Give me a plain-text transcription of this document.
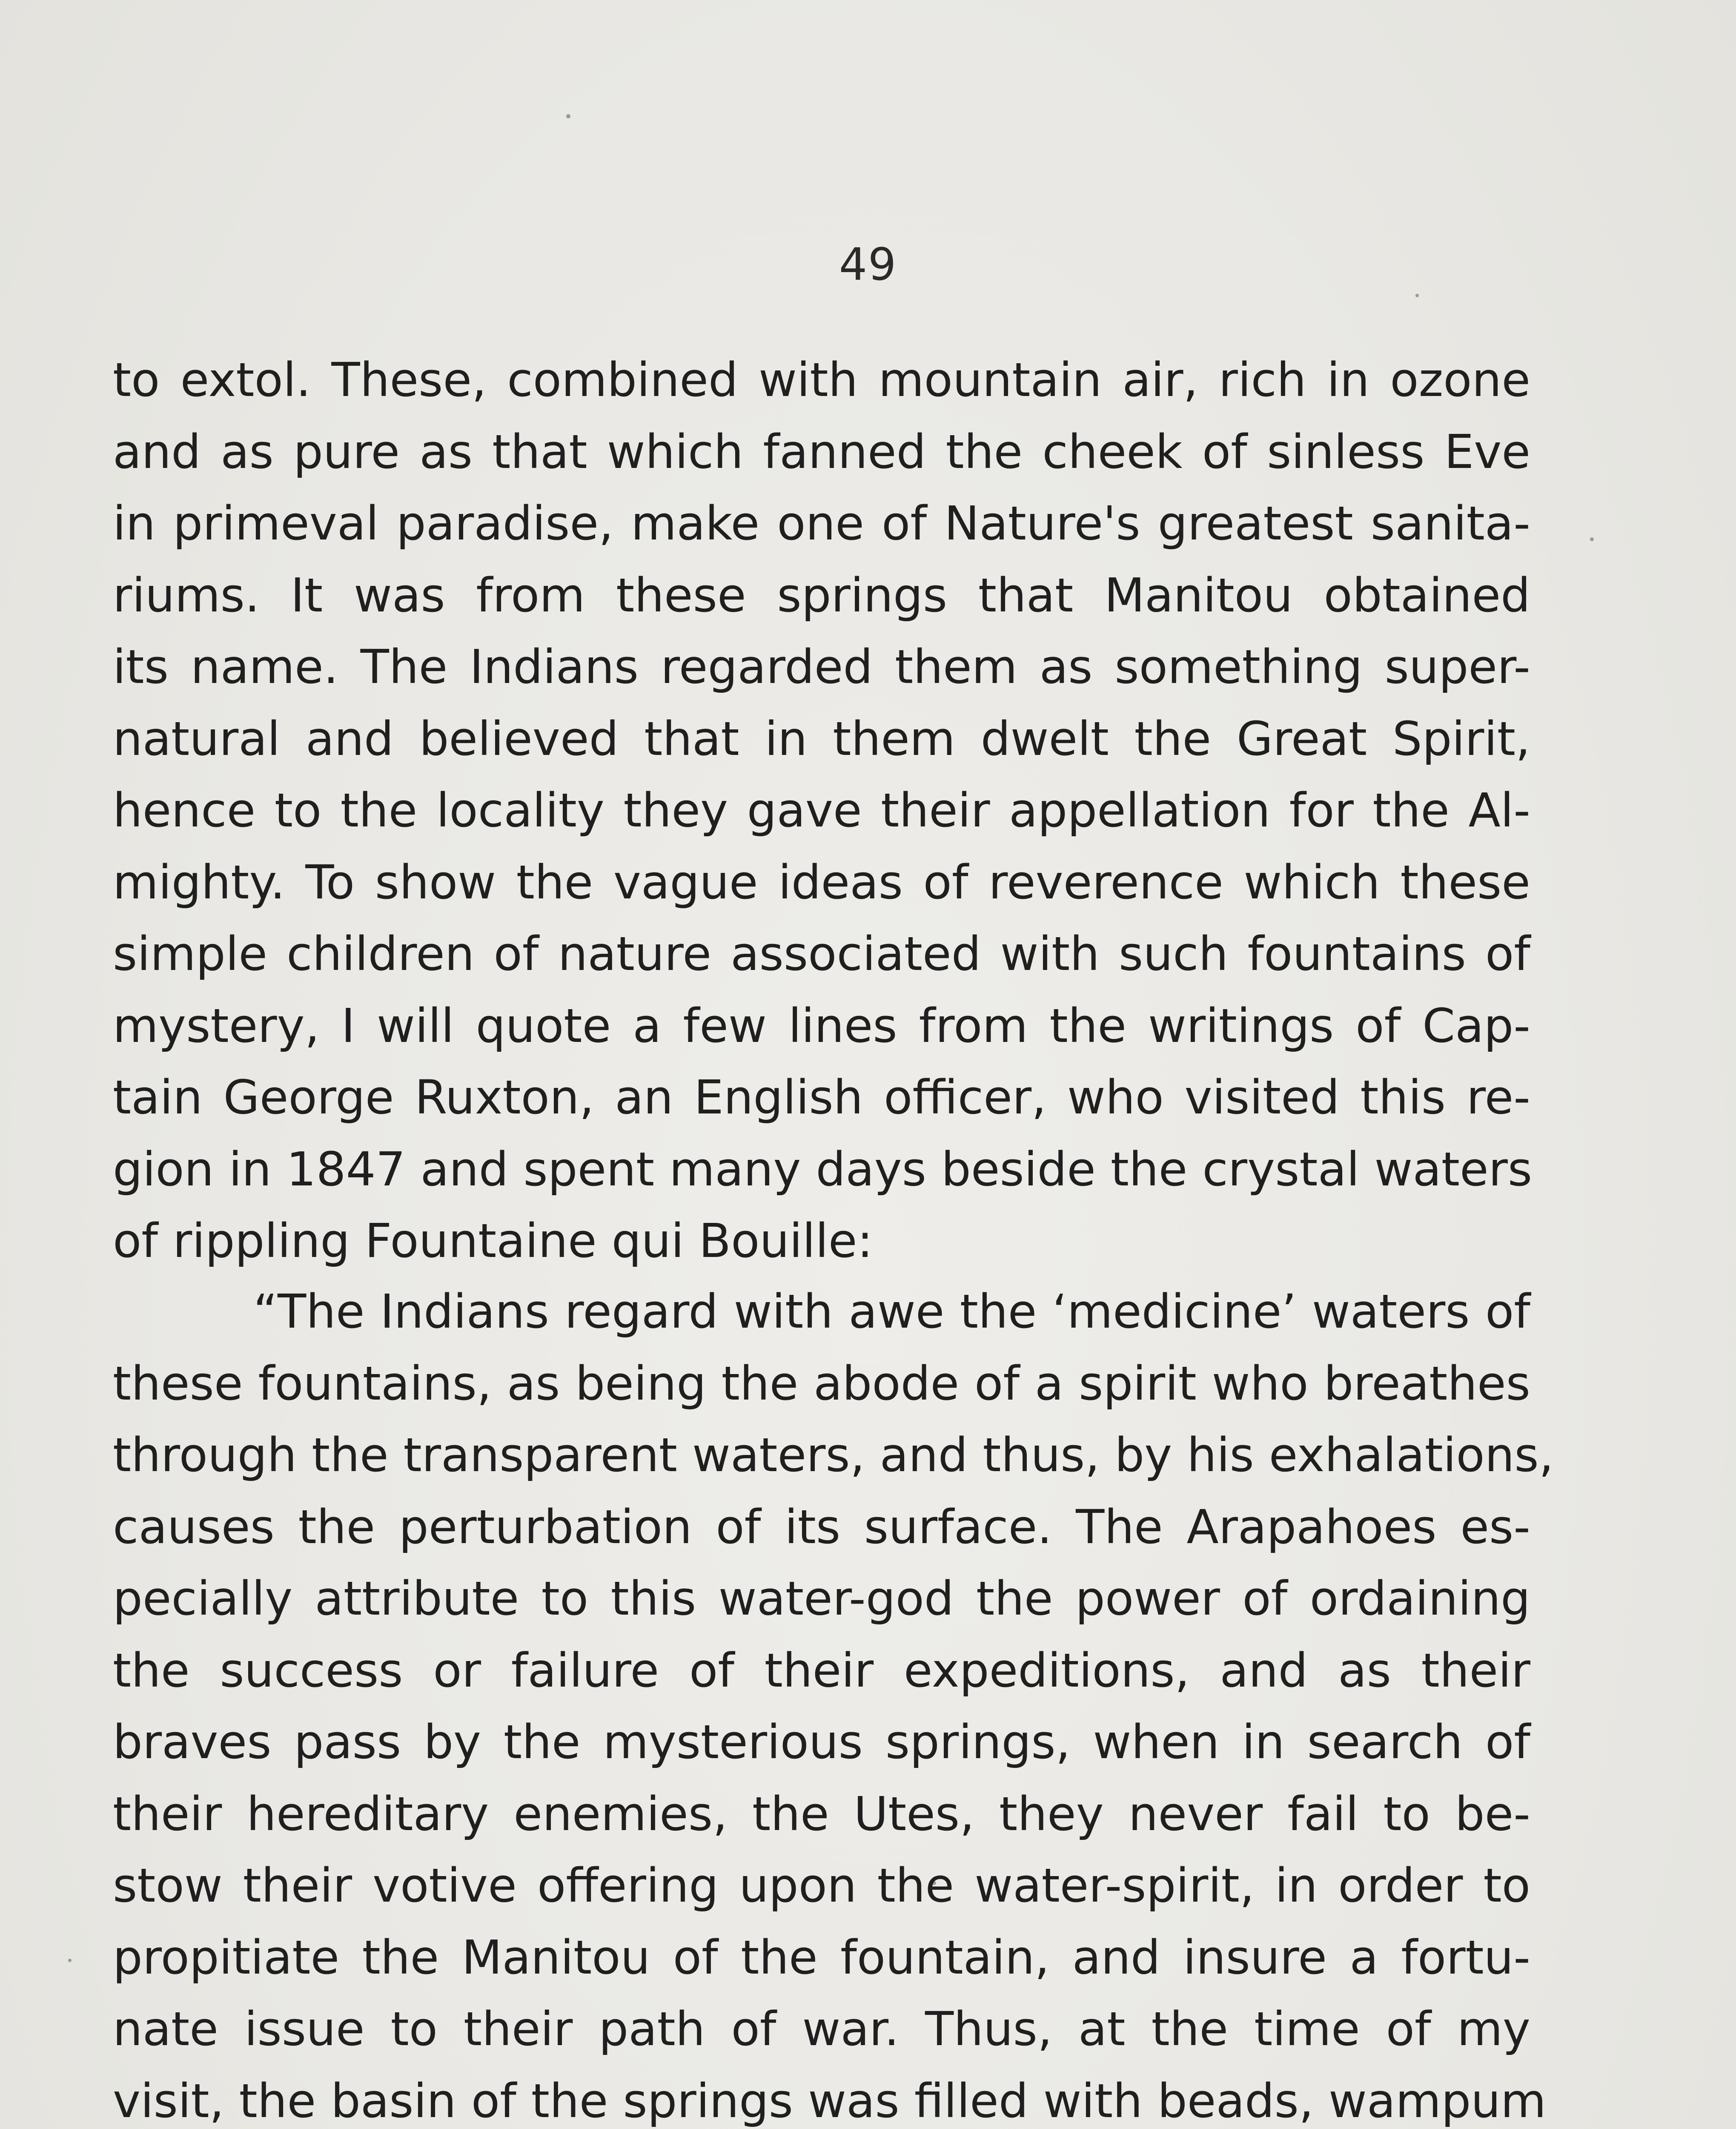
49
to extol. These, combined with mountain air, rich in ozone
and as pure as that which fanned the cheek of sinless Eve
in primeval paradise, make one of Nature's greatest sanita-
riums. It was from these springs that Manitou obtained
its name. The Indians regarded them as something super-
natural and believed that in them dwelt the Great Spirit,
hence to the locality they gave their appellation for the Al-
mighty. To show the vague ideas of reverence which these
simple children of nature associated with such fountains of
mystery, I will quote a few lines from the writings of Cap-
tain George Ruxton, an English officer, who visited this re-
gion in 1847 and spent many days beside the crystal waters
of rippling Fountaine qui Bouille:
“The Indians regard with awe the ‘medicine’ waters of
these fountains, as being the abode of a spirit who breathes
through the transparent waters, and thus, by his exhalations,
causes the perturbation of its surface. The Arapahoes es-
pecially attribute to this water-god the power of ordaining
the success or failure of their expeditions, and as their
braves pass by the mysterious springs, when in search of
their hereditary enemies, the Utes, they never fail to be-
stow their votive offering upon the water-spirit, in order to
propitiate the Manitou of the fountain, and insure a fortu-
nate issue to their path of war. Thus, at the time of my
visit, the basin of the springs was filled with beads, wampum
